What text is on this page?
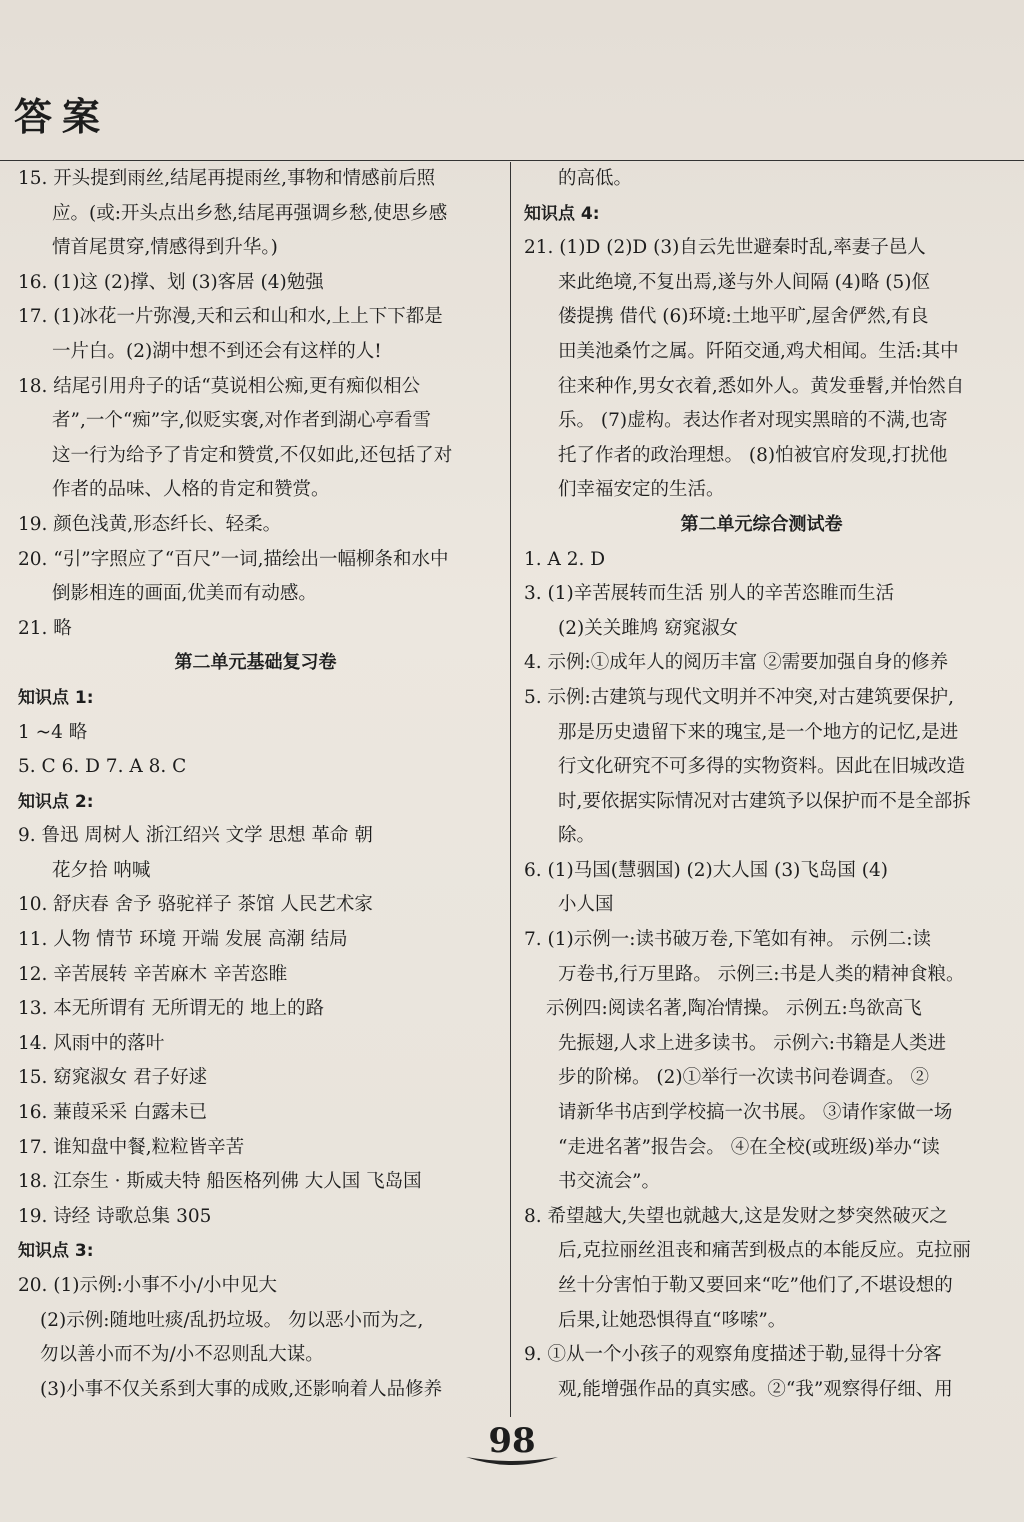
答案
15. 开头提到雨丝,结尾再提雨丝,事物和情感前后照
应。(或:开头点出乡愁,结尾再强调乡愁,使思乡感
情首尾贯穿,情感得到升华。)
16. (1)这 (2)撑、划 (3)客居 (4)勉强
17. (1)冰花一片弥漫,天和云和山和水,上上下下都是
一片白。(2)湖中想不到还会有这样的人!
18. 结尾引用舟子的话“莫说相公痴,更有痴似相公
者”,一个“痴”字,似贬实褒,对作者到湖心亭看雪
这一行为给予了肯定和赞赏,不仅如此,还包括了对
作者的品味、人格的肯定和赞赏。
19. 颜色浅黄,形态纤长、轻柔。
20. “引”字照应了“百尺”一词,描绘出一幅柳条和水中
倒影相连的画面,优美而有动感。
21. 略
第二单元基础复习卷
知识点 1:
1 ~4 略
5. C 6. D 7. A 8. C
知识点 2:
9. 鲁迅 周树人 浙江绍兴 文学 思想 革命 朝
花夕拾 呐喊
10. 舒庆春 舍予 骆驼祥子 茶馆 人民艺术家
11. 人物 情节 环境 开端 发展 高潮 结局
12. 辛苦展转 辛苦麻木 辛苦恣睢
13. 本无所谓有 无所谓无的 地上的路
14. 风雨中的落叶
15. 窈窕淑女 君子好逑
16. 蒹葭采采 白露未已
17. 谁知盘中餐,粒粒皆辛苦
18. 江奈生 · 斯威夫特 船医格列佛 大人国 飞岛国
19. 诗经 诗歌总集 305
知识点 3:
20. (1)示例:小事不小/小中见大
(2)示例:随地吐痰/乱扔垃圾。 勿以恶小而为之,
勿以善小而不为/小不忍则乱大谋。
(3)小事不仅关系到大事的成败,还影响着人品修养
的高低。
知识点 4:
21. (1)D (2)D (3)自云先世避秦时乱,率妻子邑人
来此绝境,不复出焉,遂与外人间隔 (4)略 (5)伛
偻提携 借代 (6)环境:土地平旷,屋舍俨然,有良
田美池桑竹之属。阡陌交通,鸡犬相闻。生活:其中
往来种作,男女衣着,悉如外人。黄发垂髫,并怡然自
乐。 (7)虚构。表达作者对现实黑暗的不满,也寄
托了作者的政治理想。 (8)怕被官府发现,打扰他
们幸福安定的生活。
第二单元综合测试卷
1. A 2. D
3. (1)辛苦展转而生活 别人的辛苦恣睢而生活
(2)关关雎鸠 窈窕淑女
4. 示例:①成年人的阅历丰富 ②需要加强自身的修养
5. 示例:古建筑与现代文明并不冲突,对古建筑要保护,
那是历史遗留下来的瑰宝,是一个地方的记忆,是进
行文化研究不可多得的实物资料。因此在旧城改造
时,要依据实际情况对古建筑予以保护而不是全部拆
除。
6. (1)马国(慧骃国) (2)大人国 (3)飞岛国 (4)
小人国
7. (1)示例一:读书破万卷,下笔如有神。 示例二:读
万卷书,行万里路。 示例三:书是人类的精神食粮。
示例四:阅读名著,陶冶情操。 示例五:鸟欲高飞
先振翅,人求上进多读书。 示例六:书籍是人类进
步的阶梯。 (2)①举行一次读书问卷调查。 ②
请新华书店到学校搞一次书展。 ③请作家做一场
“走进名著”报告会。 ④在全校(或班级)举办“读
书交流会”。
8. 希望越大,失望也就越大,这是发财之梦突然破灭之
后,克拉丽丝沮丧和痛苦到极点的本能反应。克拉丽
丝十分害怕于勒又要回来“吃”他们了,不堪设想的
后果,让她恐惧得直“哆嗦”。
9. ①从一个小孩子的观察角度描述于勒,显得十分客
观,能增强作品的真实感。②“我”观察得仔细、用
98
